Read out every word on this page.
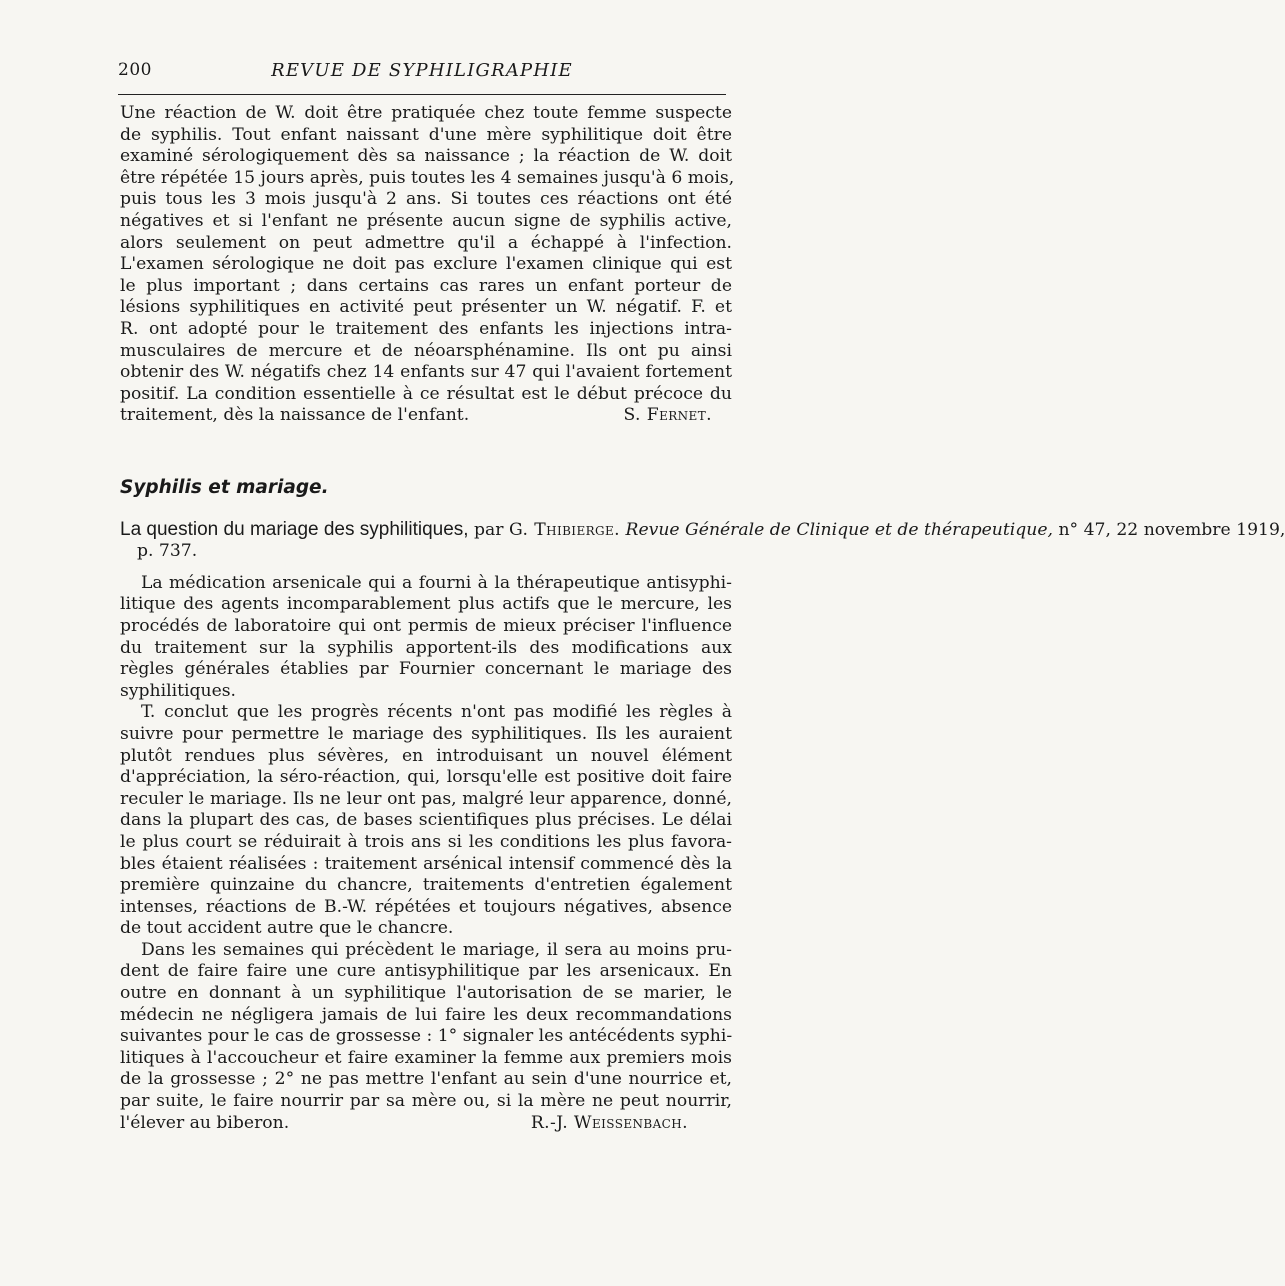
200	REVUE DE SYPHILIGRAPHIE

Une réaction de W. doit être pratiquée chez toute femme suspecte
de syphilis. Tout enfant naissant d'une mère syphilitique doit être
examiné sérologiquement dès sa naissance ; la réaction de W. doit
être répétée 15 jours après, puis toutes les 4 semaines jusqu'à 6 mois,
puis tous les 3 mois jusqu'à 2 ans. Si toutes ces réactions ont été
négatives et si l'enfant ne présente aucun signe de syphilis active,
alors seulement on peut admettre qu'il a échappé à l'infection.
L'examen sérologique ne doit pas exclure l'examen clinique qui est
le plus important ; dans certains cas rares un enfant porteur de
lésions syphilitiques en activité peut présenter un W. négatif. F. et
R. ont adopté pour le traitement des enfants les injections intra-
musculaires de mercure et de néoarsphénamine. Ils ont pu ainsi
obtenir des W. négatifs chez 14 enfants sur 47 qui l'avaient fortement
positif. La condition essentielle à ce résultat est le début précoce du
traitement, dès la naissance de l'enfant.	S. Fernet.

Syphilis et mariage.
La question du mariage des syphilitiques, par G. Thibierge. Revue Générale de Clinique et de thérapeutique, n° 47, 22 novembre 1919,
p. 737.

La médication arsenicale qui a fourni à la thérapeutique antisyphi-
litique des agents incomparablement plus actifs que le mercure, les
procédés de laboratoire qui ont permis de mieux préciser l'influence
du traitement sur la syphilis apportent-ils des modifications aux
règles générales établies par Fournier concernant le mariage des
syphilitiques.

T. conclut que les progrès récents n'ont pas modifié les règles à
suivre pour permettre le mariage des syphilitiques. Ils les auraient
plutôt rendues plus sévères, en introduisant un nouvel élément
d'appréciation, la séro-réaction, qui, lorsqu'elle est positive doit faire
reculer le mariage. Ils ne leur ont pas, malgré leur apparence, donné,
dans la plupart des cas, de bases scientifiques plus précises. Le délai
le plus court se réduirait à trois ans si les conditions les plus favora-
bles étaient réalisées : traitement arsénical intensif commencé dès la
première quinzaine du chancre, traitements d'entretien également
intenses, réactions de B.-W. répétées et toujours négatives, absence
de tout accident autre que le chancre.

Dans les semaines qui précèdent le mariage, il sera au moins pru-
dent de faire faire une cure antisyphilitique par les arsenicaux. En
outre en donnant à un syphilitique l'autorisation de se marier, le
médecin ne négligera jamais de lui faire les deux recommandations
suivantes pour le cas de grossesse : 1° signaler les antécédents syphi-
litiques à l'accoucheur et faire examiner la femme aux premiers mois
de la grossesse ; 2° ne pas mettre l'enfant au sein d'une nourrice et,
par suite, le faire nourrir par sa mère ou, si la mère ne peut nourrir,
l'élever au biberon.	R.-J. Weissenbach.
